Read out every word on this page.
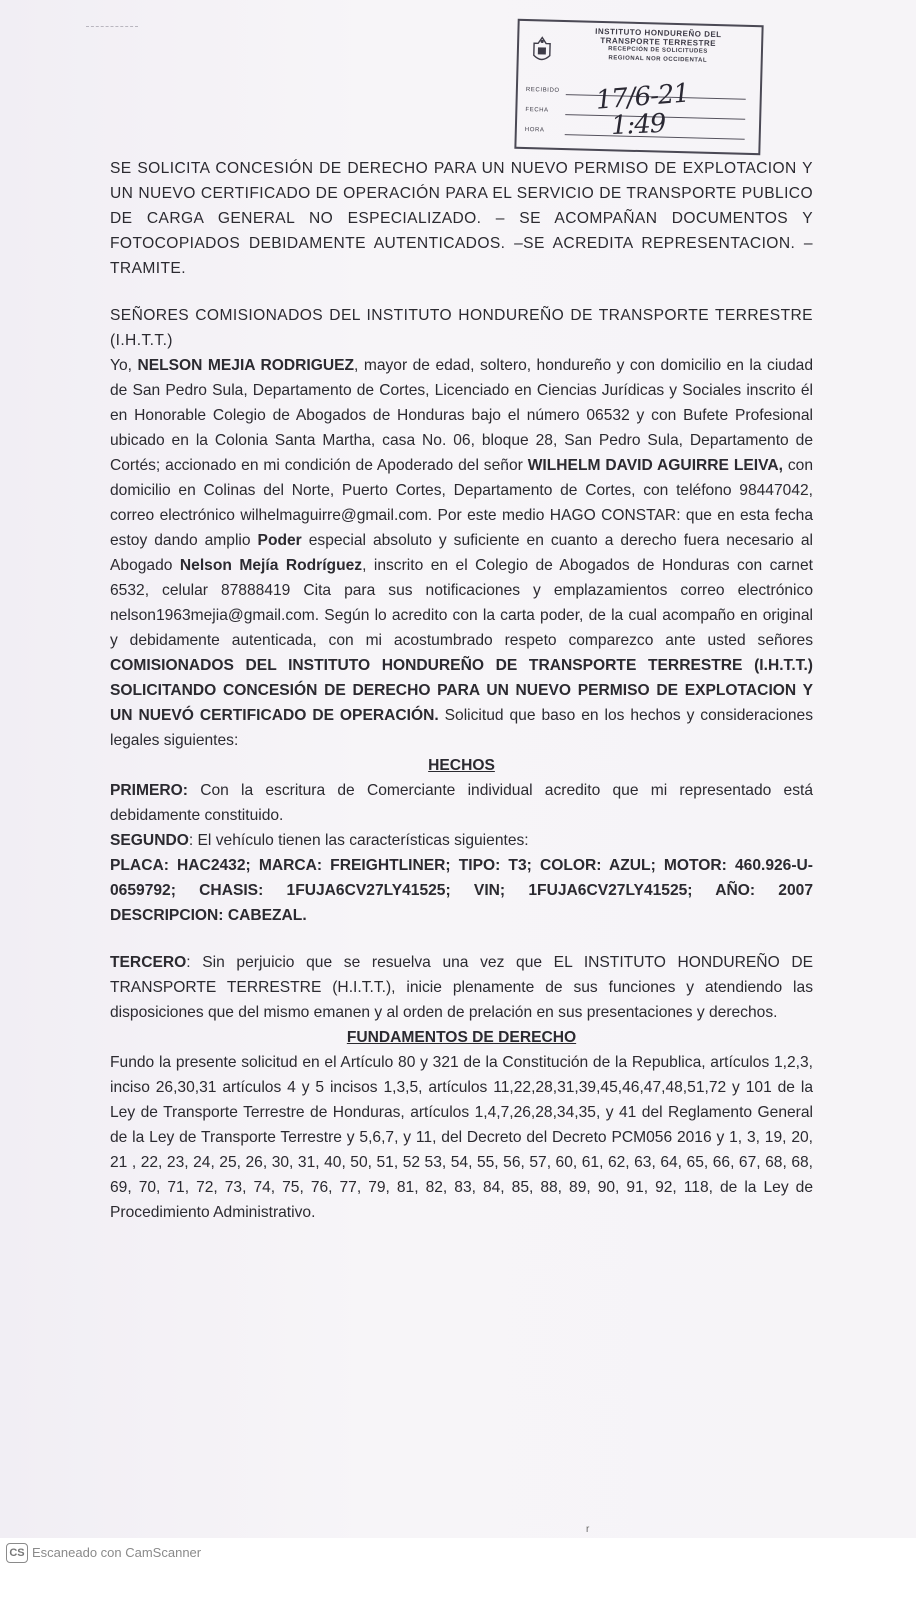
INSTITUTO HONDUREÑO DEL
TRANSPORTE TERRESTRE
RECEPCIÓN DE SOLICITUDES
REGIONAL NOR OCCIDENTAL
RECIBIDO
FECHA
HORA
17/6-21
1:49

SE SOLICITA CONCESIÓN DE DERECHO PARA UN NUEVO PERMISO DE EXPLOTACION Y UN NUEVO CERTIFICADO DE OPERACIÓN PARA EL SERVICIO DE TRANSPORTE PUBLICO DE CARGA GENERAL NO ESPECIALIZADO. – SE ACOMPAÑAN DOCUMENTOS Y FOTOCOPIADOS DEBIDAMENTE AUTENTICADOS. –SE ACREDITA REPRESENTACION. –TRAMITE.

SEÑORES COMISIONADOS DEL INSTITUTO HONDUREÑO DE TRANSPORTE TERRESTRE (I.H.T.T.)

Yo, NELSON MEJIA RODRIGUEZ, mayor de edad, soltero, hondureño y con domicilio en la ciudad de San Pedro Sula, Departamento de Cortes, Licenciado en Ciencias Jurídicas y Sociales inscrito él en Honorable Colegio de Abogados de Honduras bajo el número 06532 y con Bufete Profesional ubicado en la Colonia Santa Martha, casa No. 06, bloque 28, San Pedro Sula, Departamento de Cortés; accionado en mi condición de Apoderado del señor WILHELM DAVID AGUIRRE LEIVA, con domicilio en Colinas del Norte, Puerto Cortes, Departamento de Cortes, con teléfono 98447042, correo electrónico wilhelmaguirre@gmail.com. Por este medio HAGO CONSTAR: que en esta fecha estoy dando amplio Poder especial absoluto y suficiente en cuanto a derecho fuera necesario al Abogado Nelson Mejía Rodríguez, inscrito en el Colegio de Abogados de Honduras con carnet 6532, celular 87888419 Cita para sus notificaciones y emplazamientos correo electrónico nelson1963mejia@gmail.com. Según lo acredito con la carta poder, de la cual acompaño en original y debidamente autenticada, con mi acostumbrado respeto comparezco ante usted señores COMISIONADOS DEL INSTITUTO HONDUREÑO DE TRANSPORTE TERRESTRE (I.H.T.T.) SOLICITANDO CONCESIÓN DE DERECHO PARA UN NUEVO PERMISO DE EXPLOTACION Y UN NUEVÓ CERTIFICADO DE OPERACIÓN. Solicitud que baso en los hechos y consideraciones legales siguientes:

HECHOS

PRIMERO: Con la escritura de Comerciante individual acredito que mi representado está debidamente constituido.

SEGUNDO: El vehículo tienen las características siguientes:

PLACA: HAC2432; MARCA: FREIGHTLINER; TIPO: T3; COLOR: AZUL; MOTOR: 460.926-U-0659792; CHASIS: 1FUJA6CV27LY41525; VIN; 1FUJA6CV27LY41525; AÑO: 2007 DESCRIPCION: CABEZAL.

TERCERO: Sin perjuicio que se resuelva una vez que EL INSTITUTO HONDUREÑO DE TRANSPORTE TERRESTRE (H.I.T.T.), inicie plenamente de sus funciones y atendiendo las disposiciones que del mismo emanen y al orden de prelación en sus presentaciones y derechos.

FUNDAMENTOS DE DERECHO

Fundo la presente solicitud en el Artículo 80 y 321 de la Constitución de la Republica, artículos 1,2,3, inciso 26,30,31 artículos 4 y 5 incisos 1,3,5, artículos 11,22,28,31,39,45,46,47,48,51,72 y 101 de la Ley de Transporte Terrestre de Honduras, artículos 1,4,7,26,28,34,35, y 41 del Reglamento General de la Ley de Transporte Terrestre y 5,6,7, y 11, del Decreto del Decreto PCM056 2016 y 1, 3, 19, 20, 21 , 22, 23, 24, 25, 26, 30, 31, 40, 50, 51, 52 53, 54, 55, 56, 57, 60, 61, 62, 63, 64, 65, 66, 67, 68, 68, 69, 70, 71, 72, 73, 74, 75, 76, 77, 79, 81, 82, 83, 84, 85, 88, 89, 90, 91, 92, 118, de la Ley de Procedimiento Administrativo.

r
CS Escaneado con CamScanner
